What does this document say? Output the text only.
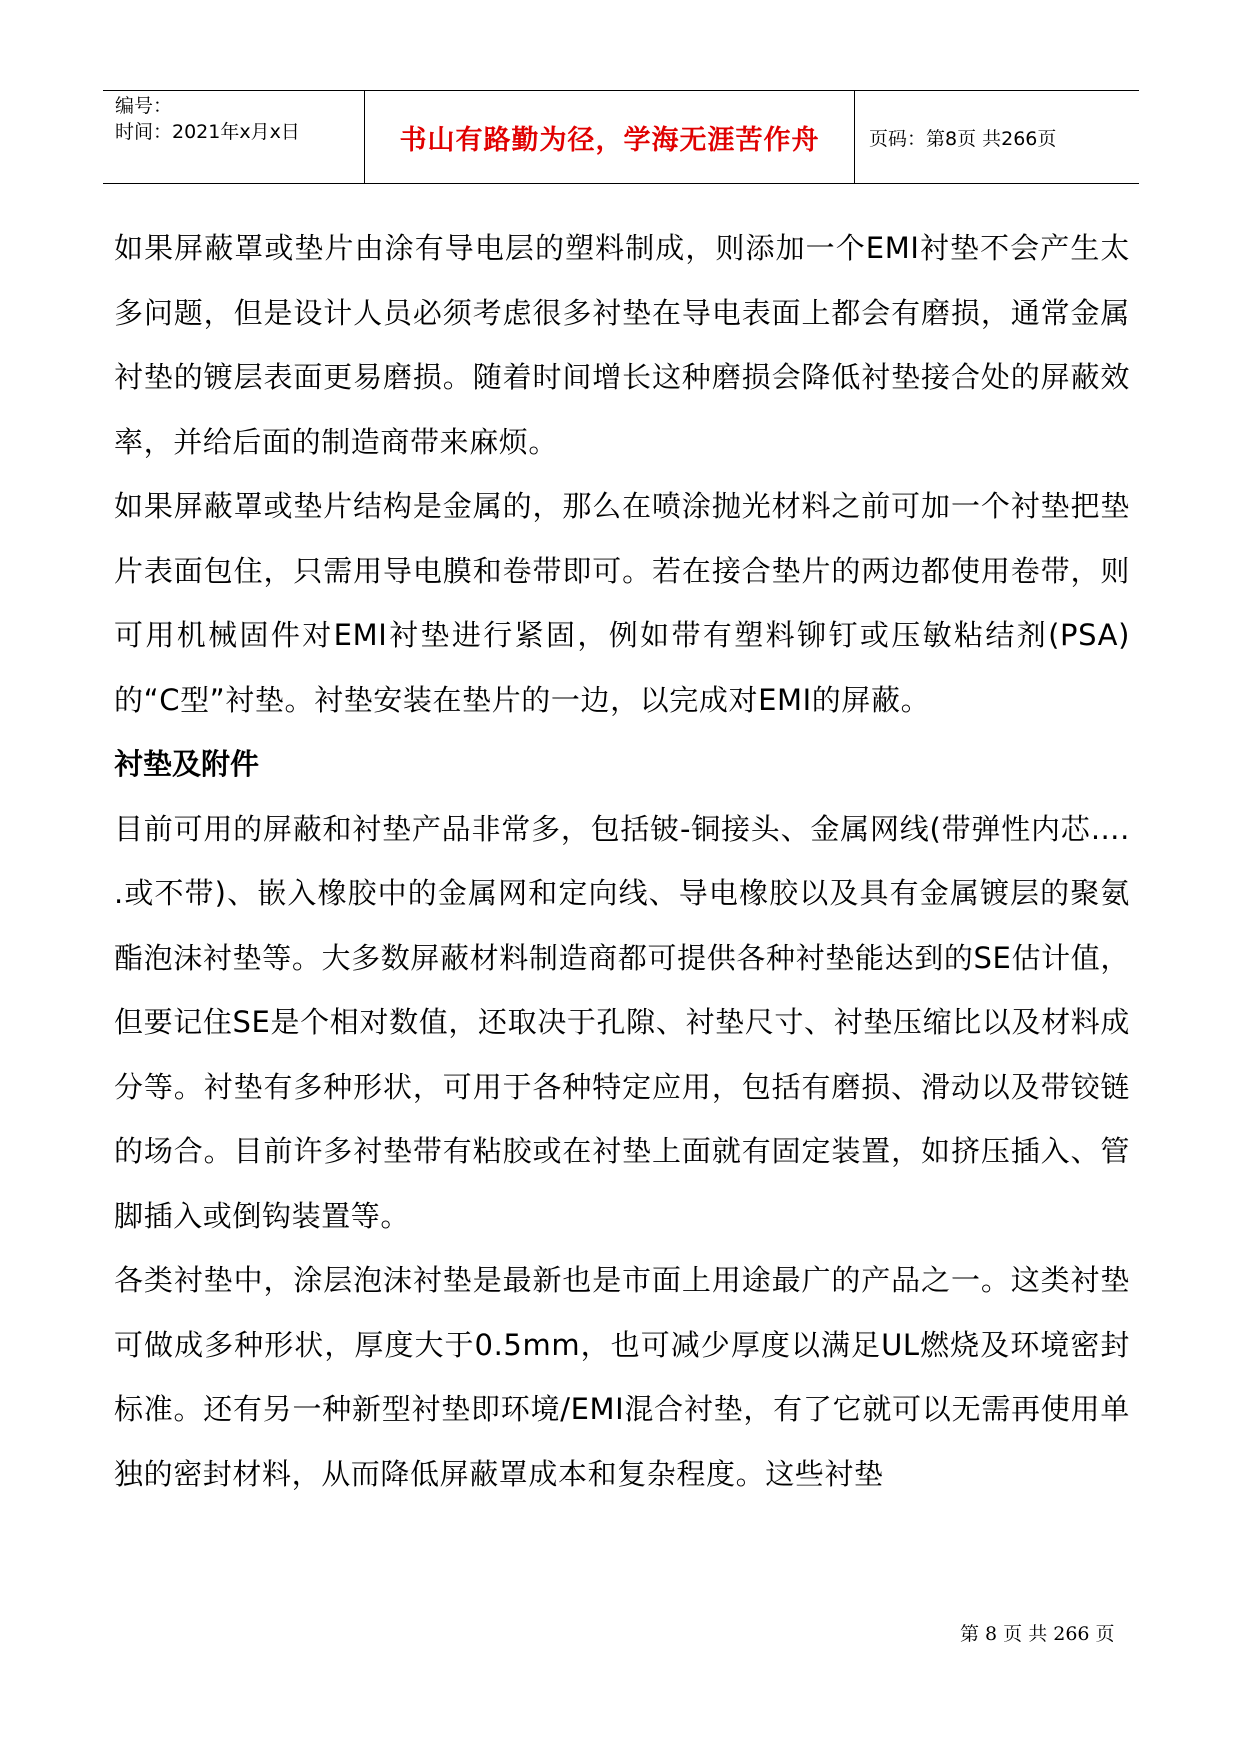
编号：
时间：2021年x月x日	书山有路勤为径，学海无涯苦作舟	页码：第8页 共266页

如果屏蔽罩或垫片由涂有导电层的塑料制成，则添加一个EMI衬垫不会产生太多问题，但是设计人员必须考虑很多衬垫在导电表面上都会有磨损，通常金属衬垫的镀层表面更易磨损。随着时间增长这种磨损会降低衬垫接合处的屏蔽效率，并给后面的制造商带来麻烦。

如果屏蔽罩或垫片结构是金属的，那么在喷涂抛光材料之前可加一个衬垫把垫片表面包住，只需用导电膜和卷带即可。若在接合垫片的两边都使用卷带，则可用机械固件对EMI衬垫进行紧固，例如带有塑料铆钉或压敏粘结剂(PSA)的“C型”衬垫。衬垫安装在垫片的一边，以完成对EMI的屏蔽。

衬垫及附件

目前可用的屏蔽和衬垫产品非常多，包括铍-铜接头、金属网线(带弹性内芯…. .或不带)、嵌入橡胶中的金属网和定向线、导电橡胶以及具有金属镀层的聚氨酯泡沫衬垫等。大多数屏蔽材料制造商都可提供各种衬垫能达到的SE估计值，但要记住SE是个相对数值，还取决于孔隙、衬垫尺寸、衬垫压缩比以及材料成分等。衬垫有多种形状，可用于各种特定应用，包括有磨损、滑动以及带铰链的场合。目前许多衬垫带有粘胶或在衬垫上面就有固定装置，如挤压插入、管脚插入或倒钩装置等。

各类衬垫中，涂层泡沫衬垫是最新也是市面上用途最广的产品之一。这类衬垫可做成多种形状，厚度大于0.5mm，也可减少厚度以满足UL燃烧及环境密封标准。还有另一种新型衬垫即环境/EMI混合衬垫，有了它就可以无需再使用单独的密封材料，从而降低屏蔽罩成本和复杂程度。这些衬垫

第 8 页 共 266 页
